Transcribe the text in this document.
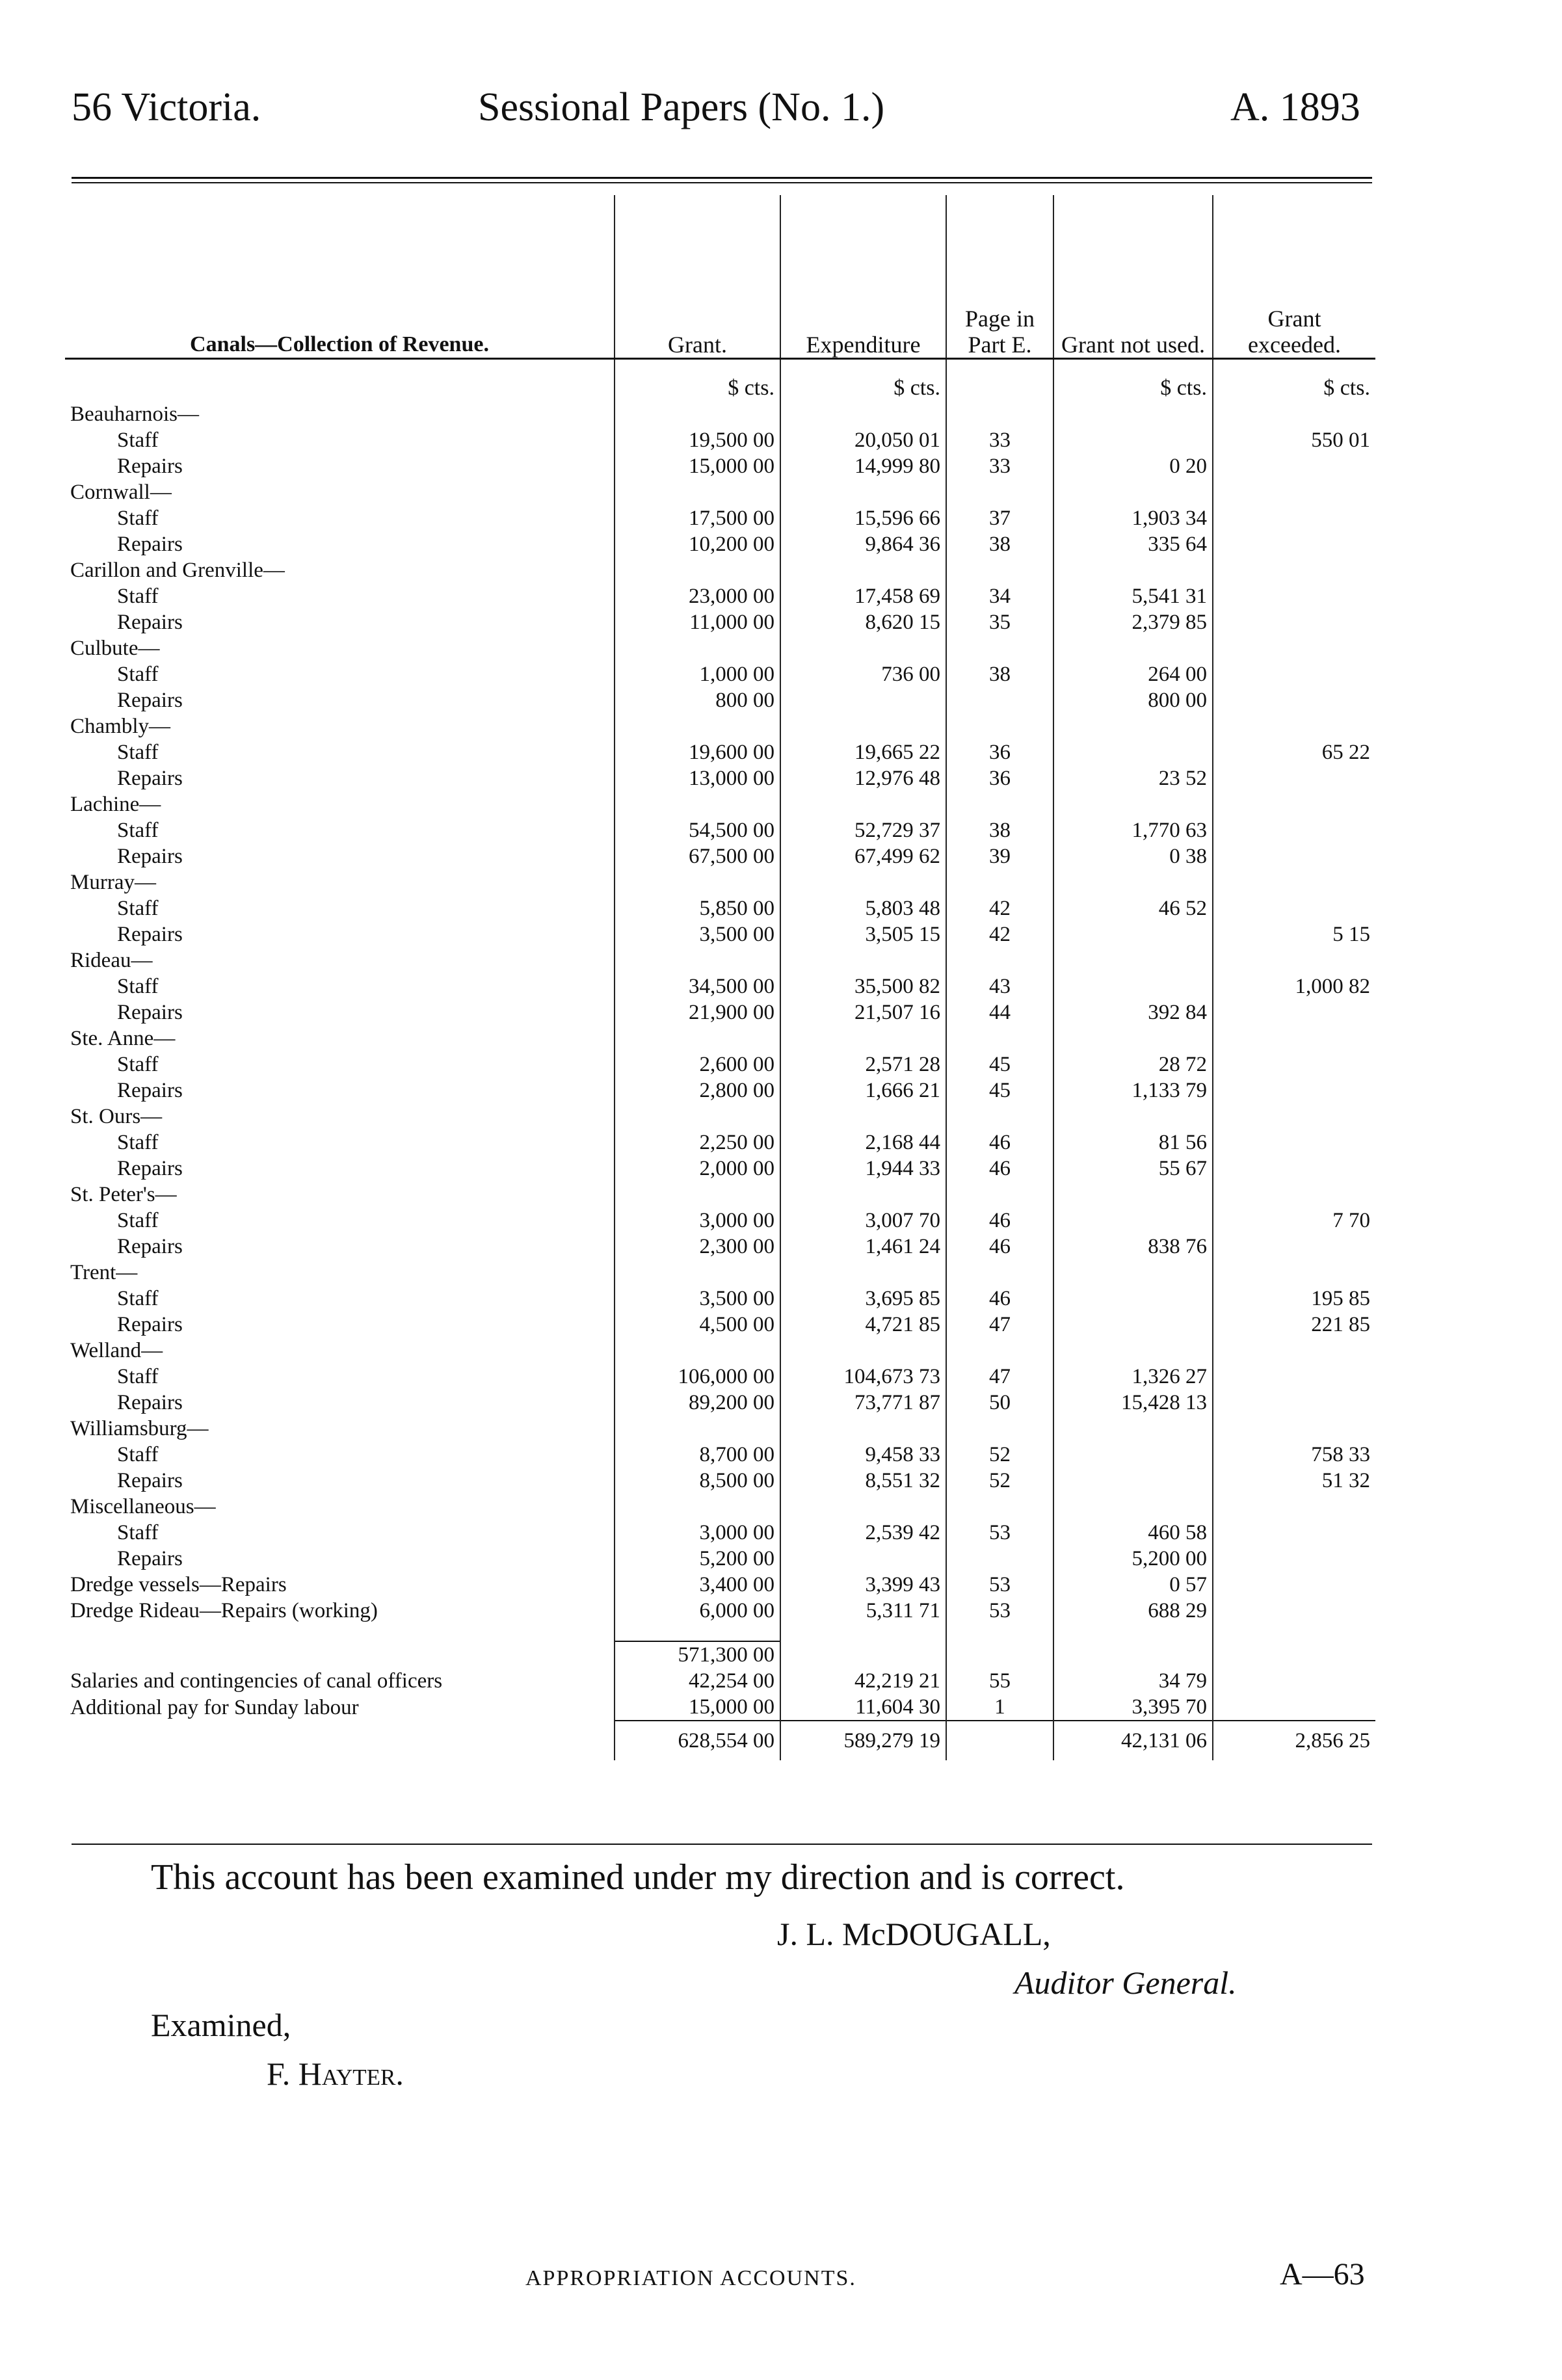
56 Victoria.	Sessional Papers (No. 1.)	A. 1893
Canals—Collection of Revenue.	Grant.	Expenditure	Page in Part E.	Grant not used.	Grant exceeded.
	$ cts.	$ cts.		$ cts.	$ cts.
Beauharnois—					
Staff	19,500 00	20,050 01	33		550 01
Repairs	15,000 00	14,999 80	33	0 20	
Cornwall—					
Staff	17,500 00	15,596 66	37	1,903 34	
Repairs	10,200 00	9,864 36	38	335 64	
Carillon and Grenville—					
Staff	23,000 00	17,458 69	34	5,541 31	
Repairs	11,000 00	8,620 15	35	2,379 85	
Culbute—					
Staff	1,000 00	736 00	38	264 00	
Repairs	800 00			800 00	
Chambly—					
Staff	19,600 00	19,665 22	36		65 22
Repairs	13,000 00	12,976 48	36	23 52	
Lachine—					
Staff	54,500 00	52,729 37	38	1,770 63	
Repairs	67,500 00	67,499 62	39	0 38	
Murray—					
Staff	5,850 00	5,803 48	42	46 52	
Repairs	3,500 00	3,505 15	42		5 15
Rideau—					
Staff	34,500 00	35,500 82	43		1,000 82
Repairs	21,900 00	21,507 16	44	392 84	
Ste. Anne—					
Staff	2,600 00	2,571 28	45	28 72	
Repairs	2,800 00	1,666 21	45	1,133 79	
St. Ours—					
Staff	2,250 00	2,168 44	46	81 56	
Repairs	2,000 00	1,944 33	46	55 67	
St. Peter's—					
Staff	3,000 00	3,007 70	46		7 70
Repairs	2,300 00	1,461 24	46	838 76	
Trent—					
Staff	3,500 00	3,695 85	46		195 85
Repairs	4,500 00	4,721 85	47		221 85
Welland—					
Staff	106,000 00	104,673 73	47	1,326 27	
Repairs	89,200 00	73,771 87	50	15,428 13	
Williamsburg—					
Staff	8,700 00	9,458 33	52		758 33
Repairs	8,500 00	8,551 32	52		51 32
Miscellaneous—					
Staff	3,000 00	2,539 42	53	460 58	
Repairs	5,200 00			5,200 00	
Dredge vessels—Repairs	3,400 00	3,399 43	53	0 57	
Dredge Rideau—Repairs (working)	6,000 00	5,311 71	53	688 29	

	571,300 00				
Salaries and contingencies of canal officers	42,254 00	42,219 21	55	34 79	
Additional pay for Sunday labour	15,000 00	11,604 30	1	3,395 70	
	628,554 00	589,279 19		42,131 06	2,856 25
This account has been examined under my direction and is correct.
J. L. McDOUGALL,
Auditor General.
Examined,
F. Hayter.
APPROPRIATION ACCOUNTS.	A—63
